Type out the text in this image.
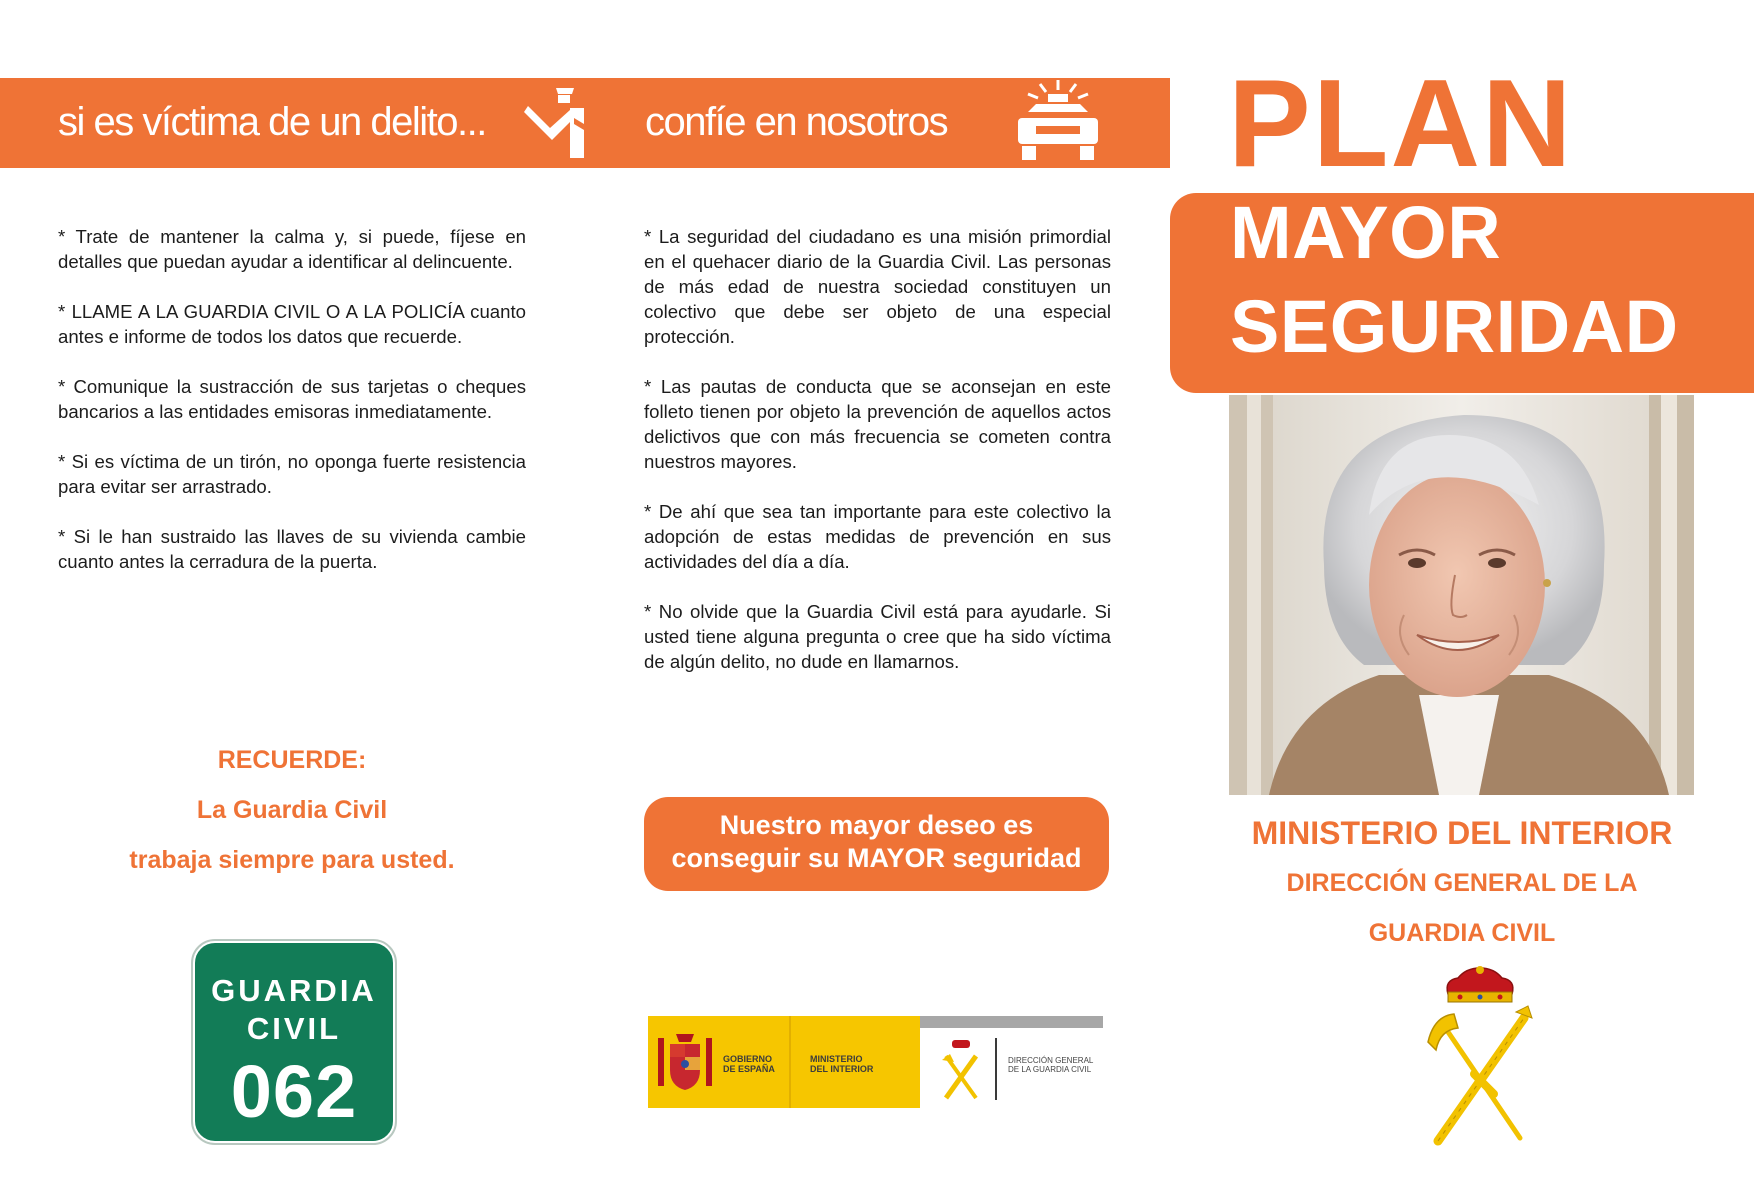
si es víctima de un delito...	confíe en nosotros

* Trate de mantener la calma y, si puede, fíjese en detalles que puedan ayudar a identificar al delincuente.

* LLAME A LA GUARDIA CIVIL O A LA POLICÍA cuanto antes e informe de todos los datos que recuerde.

* Comunique la sustracción de sus tarjetas o cheques bancarios a las entidades emisoras inmediatamente.

* Si es víctima de un tirón, no oponga fuerte resistencia para evitar ser arrastrado.

* Si le han sustraido las llaves de su vivienda cambie cuanto antes la cerradura de la puerta.

* La seguridad del ciudadano es una misión primordial en el quehacer diario de la Guardia Civil. Las personas de más edad de nuestra sociedad constituyen un colectivo que debe ser objeto de una especial protección.

* Las pautas de conducta que se aconsejan en este folleto tienen por objeto la prevención de aquellos actos delictivos que con más frecuencia se cometen contra nuestros mayores.

* De ahí que sea tan importante para este colectivo la adopción de estas medidas de prevención en sus actividades del día a día.

* No olvide que la Guardia Civil está para ayudarle. Si usted tiene alguna pregunta o cree que ha sido víctima de algún delito, no dude en llamarnos.

RECUERDE:
La Guardia Civil
trabaja siempre para usted.
GUARDIA
CIVIL
062
Nuestro mayor deseo es
conseguir su MAYOR seguridad
GOBIERNO DE ESPAÑA
MINISTERIO DEL INTERIOR
DIRECCIÓN GENERAL DE LA GUARDIA CIVIL
PLAN
MAYOR
SEGURIDAD
MINISTERIO DEL INTERIOR
DIRECCIÓN GENERAL DE LA
GUARDIA CIVIL
